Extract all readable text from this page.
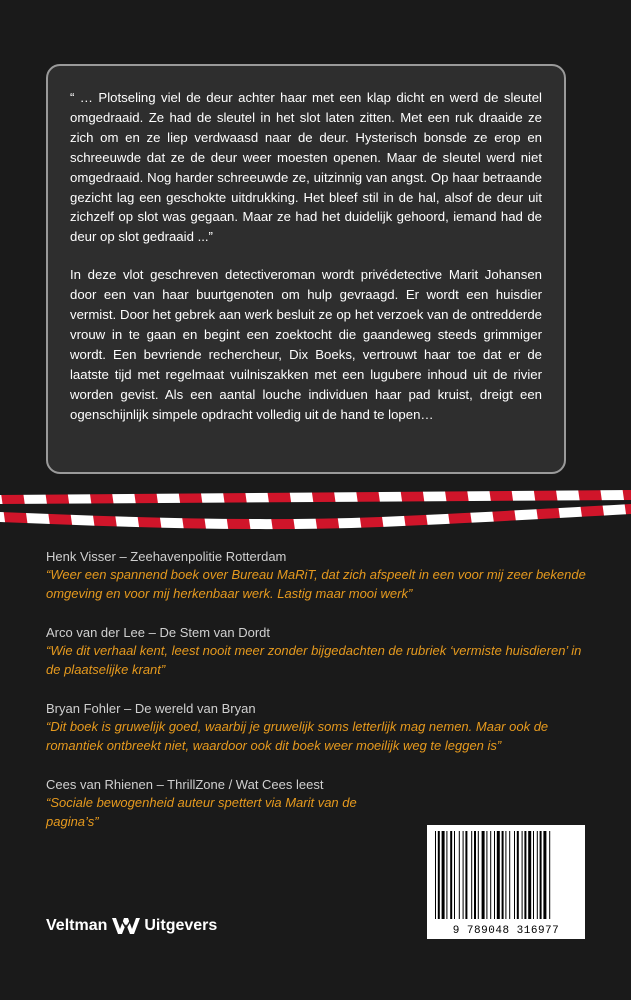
“ … Plotseling viel de deur achter haar met een klap dicht en werd de sleutel omgedraaid. Ze had de sleutel in het slot laten zitten. Met een ruk draaide ze zich om en ze liep verdwaasd naar de deur. Hysterisch bonsde ze erop en schreeuwde dat ze de deur weer moesten openen. Maar de sleutel werd niet omgedraaid. Nog harder schreeuwde ze, uitzinnig van angst. Op haar betraande gezicht lag een geschokte uitdrukking. Het bleef stil in de hal, alsof de deur uit zichzelf op slot was gegaan. Maar ze had het duidelijk gehoord, iemand had de deur op slot gedraaid ...”

In deze vlot geschreven detectiveroman wordt privédetective Marit Johansen door een van haar buurtgenoten om hulp gevraagd. Er wordt een huisdier vermist. Door het gebrek aan werk besluit ze op het verzoek van de ontredderde vrouw in te gaan en begint een zoektocht die gaandeweg steeds grimmiger wordt. Een bevriende rechercheur, Dix Boeks, vertrouwt haar toe dat er de laatste tijd met regelmaat vuilniszakken met een lugubere inhoud uit de rivier worden gevist. Als een aantal louche individuen haar pad kruist, dreigt een ogenschijnlijk simpele opdracht volledig uit de hand te lopen…

Henk Visser – Zeehavenpolitie Rotterdam
“Weer een spannend boek over Bureau MaRiT, dat zich afspeelt in een voor mij zeer bekende omgeving en voor mij herkenbaar werk. Lastig maar mooi werk”
Arco van der Lee – De Stem van Dordt
“Wie dit verhaal kent, leest nooit meer zonder bijgedachten de rubriek ‘vermiste huisdieren’ in de plaatselijke krant”
Bryan Fohler – De wereld van Bryan
“Dit boek is gruwelijk goed, waarbij je gruwelijk soms letterlijk mag nemen. Maar ook de romantiek ontbreekt niet, waardoor ook dit boek weer moeilijk weg te leggen is”
Cees van Rhienen – ThrillZone / Wat Cees leest
“Sociale bewogenheid auteur spettert via Marit van de pagina’s”
Veltman Uitgevers	9 789048 316977
